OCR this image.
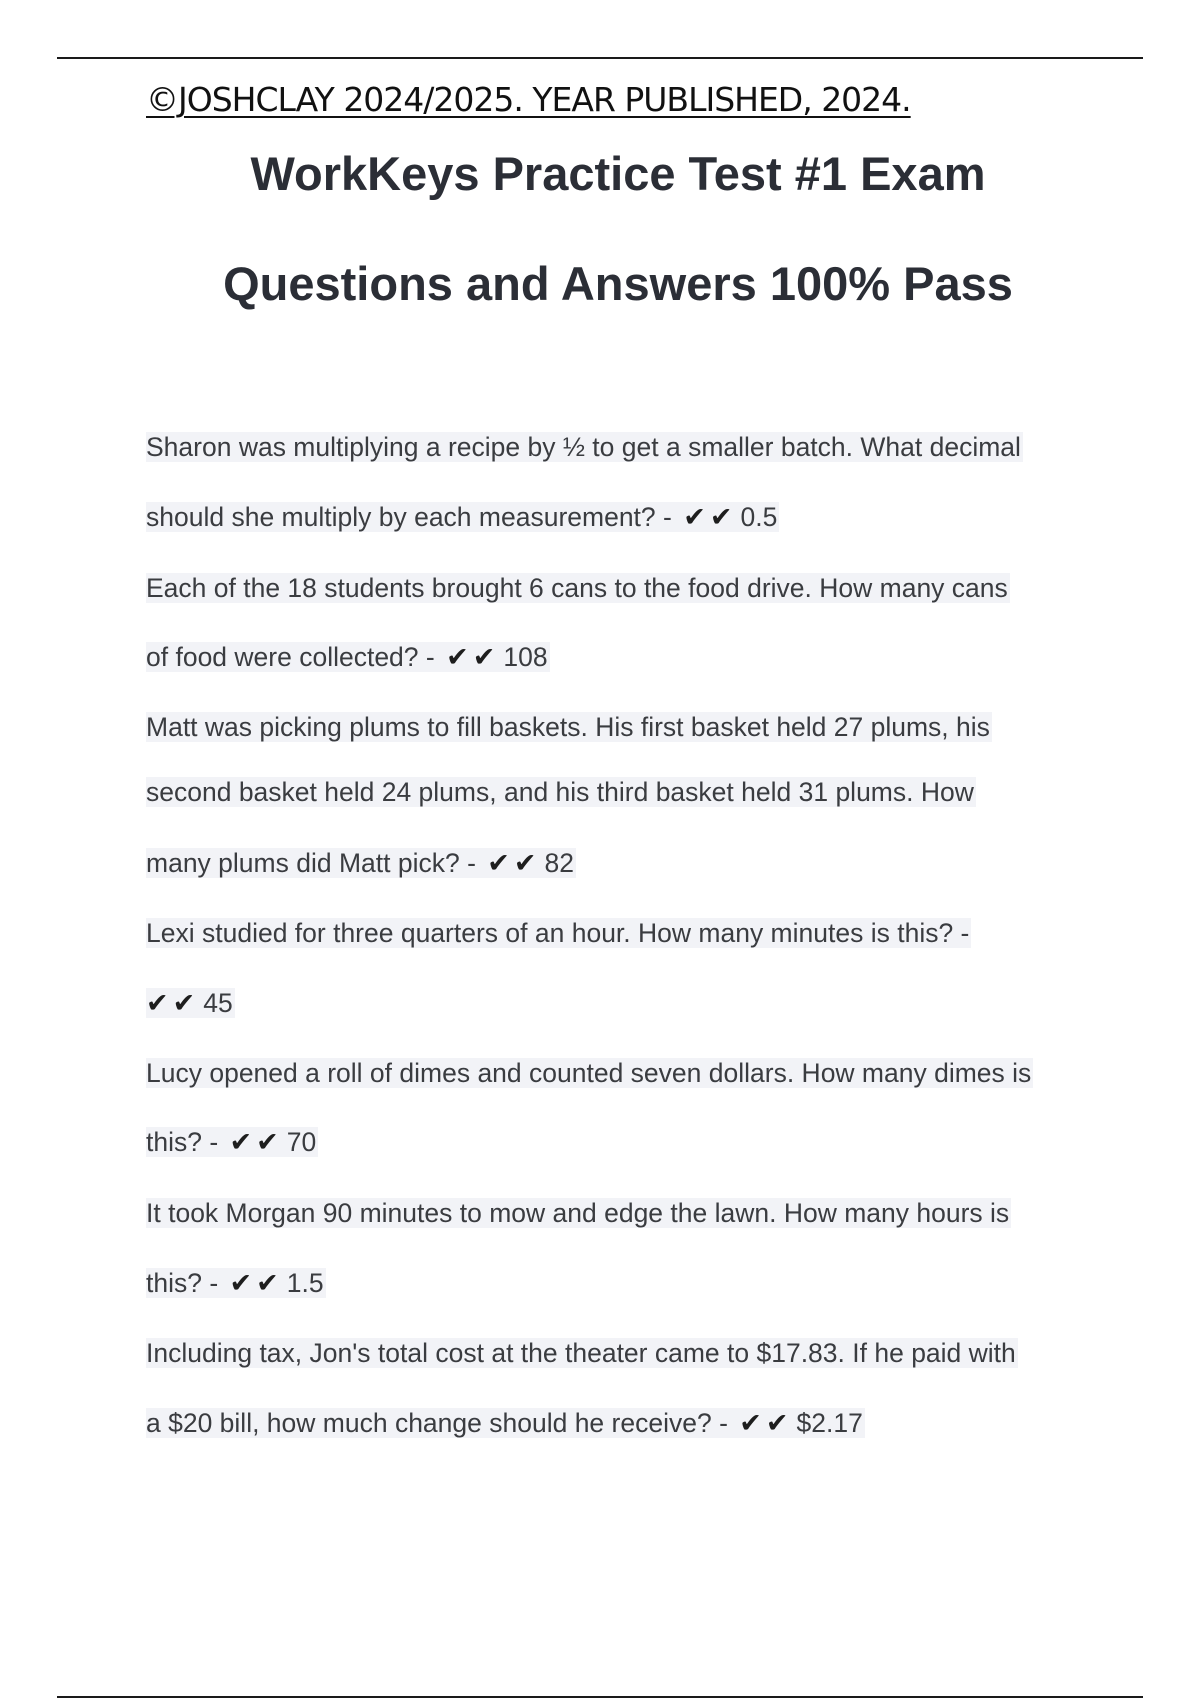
©JOSHCLAY 2024/2025. YEAR PUBLISHED, 2024.
WorkKeys Practice Test #1 Exam
Questions and Answers 100% Pass
Sharon was multiplying a recipe by ½ to get a smaller batch. What decimal
should she multiply by each measurement? - ✔✔ 0.5
Each of the 18 students brought 6 cans to the food drive. How many cans
of food were collected? - ✔✔ 108
Matt was picking plums to fill baskets. His first basket held 27 plums, his
second basket held 24 plums, and his third basket held 31 plums. How
many plums did Matt pick? - ✔✔ 82
Lexi studied for three quarters of an hour. How many minutes is this? -
✔✔ 45
Lucy opened a roll of dimes and counted seven dollars. How many dimes is
this? - ✔✔ 70
It took Morgan 90 minutes to mow and edge the lawn. How many hours is
this? - ✔✔ 1.5
Including tax, Jon's total cost at the theater came to $17.83. If he paid with
a $20 bill, how much change should he receive? - ✔✔ $2.17
